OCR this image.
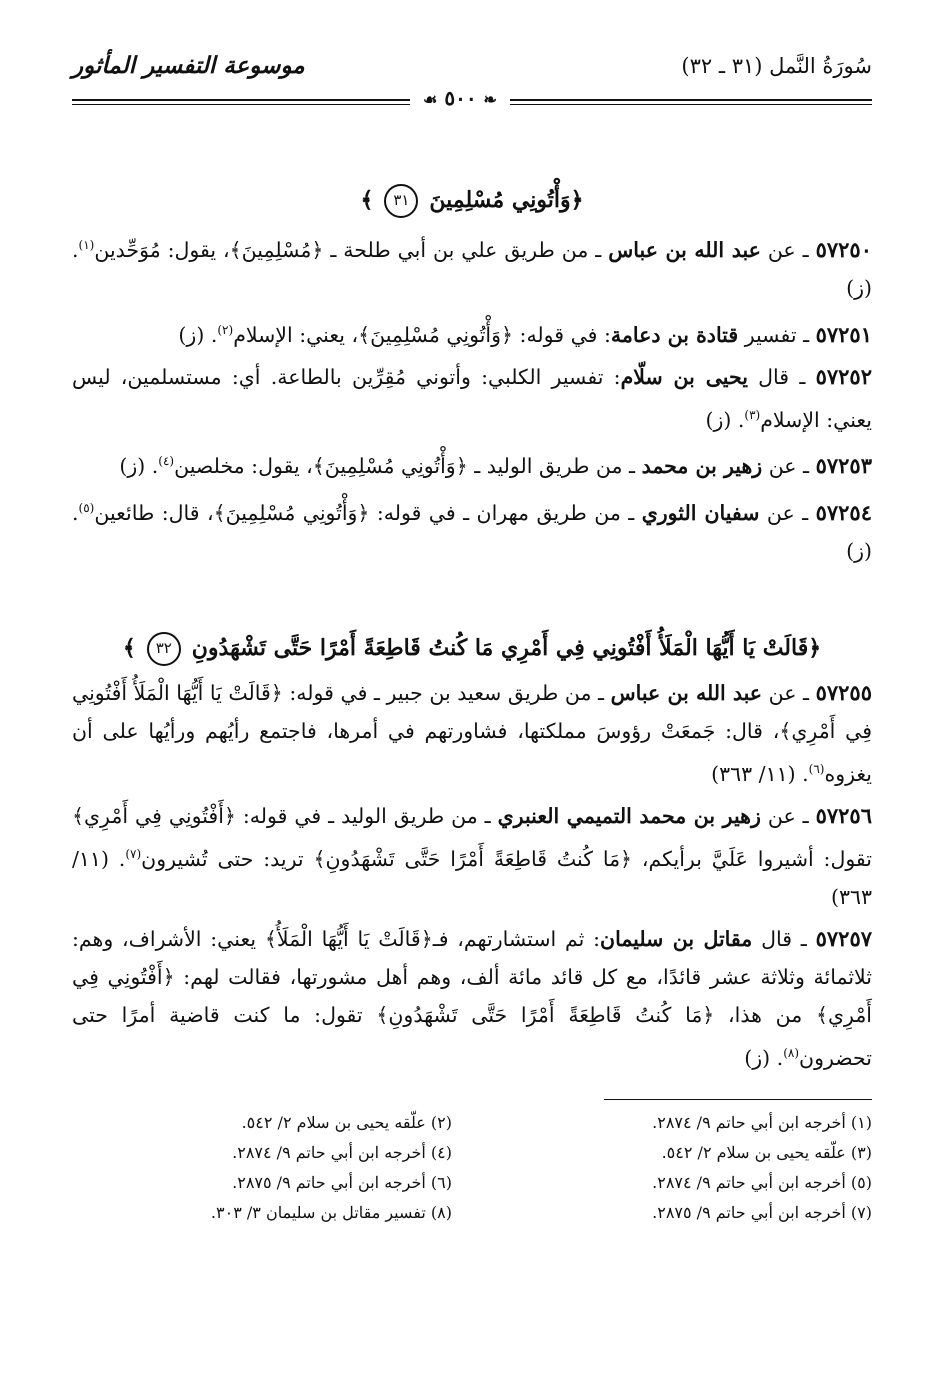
سُورَةُ النَّمل (٣١ ـ ٣٢)
موسوعة التفسير المأثور
❧ ٥٠٠ ☙
﴿وَأْتُونِي مُسْلِمِينَ ٣١ ﴾

٥٧٢٥٠ ـ عن عبد الله بن عباس ـ من طريق علي بن أبي طلحة ـ ﴿مُسْلِمِينَ﴾، يقول: مُوَحِّدين$^{(١)}$. (ز)

٥٧٢٥١ ـ تفسير قتادة بن دعامة: في قوله: ﴿وَأْتُونِي مُسْلِمِينَ﴾، يعني: الإسلام$^{(٢)}$. (ز)

٥٧٢٥٢ ـ قال يحيى بن سلّام: تفسير الكلبي: وأتوني مُقِرِّين بالطاعة. أي: مستسلمين، ليس يعني: الإسلام$^{(٣)}$. (ز)

٥٧٢٥٣ ـ عن زهير بن محمد ـ من طريق الوليد ـ ﴿وَأْتُونِي مُسْلِمِينَ﴾، يقول: مخلصين$^{(٤)}$. (ز)

٥٧٢٥٤ ـ عن سفيان الثوري ـ من طريق مهران ـ في قوله: ﴿وَأْتُونِي مُسْلِمِينَ﴾، قال: طائعين$^{(٥)}$. (ز)

﴿قَالَتْ يَا أَيُّهَا الْمَلَأُ أَفْتُونِي فِي أَمْرِي مَا كُنتُ قَاطِعَةً أَمْرًا حَتَّى تَشْهَدُونِ ٣٢ ﴾

٥٧٢٥٥ ـ عن عبد الله بن عباس ـ من طريق سعيد بن جبير ـ في قوله: ﴿قَالَتْ يَا أَيُّهَا الْمَلَأُ أَفْتُونِي فِي أَمْرِي﴾، قال: جَمعَتْ رؤوسَ مملكتها، فشاورتهم في أمرها، فاجتمع رأيُهم ورأيُها على أن يغزوه$^{(٦)}$. (١١/ ٣٦٣)

٥٧٢٥٦ ـ عن زهير بن محمد التميمي العنبري ـ من طريق الوليد ـ في قوله: ﴿أَفْتُونِي فِي أَمْرِي﴾ تقول: أشيروا عَلَيَّ برأيكم، ﴿مَا كُنتُ قَاطِعَةً أَمْرًا حَتَّى تَشْهَدُونِ﴾ تريد: حتى تُشيرون$^{(٧)}$. (١١/ ٣٦٣)

٥٧٢٥٧ ـ قال مقاتل بن سليمان: ثم استشارتهم، فـ﴿قَالَتْ يَا أَيُّهَا الْمَلَأُ﴾ يعني: الأشراف، وهم: ثلاثمائة وثلاثة عشر قائدًا، مع كل قائد مائة ألف، وهم أهل مشورتها، فقالت لهم: ﴿أَفْتُونِي فِي أَمْرِي﴾ من هذا، ﴿مَا كُنتُ قَاطِعَةً أَمْرًا حَتَّى تَشْهَدُونِ﴾ تقول: ما كنت قاضية أمرًا حتى تحضرون$^{(٨)}$. (ز)

(١) أخرجه ابن أبي حاتم ٩/ ٢٨٧٤.
(٢) علّقه يحيى بن سلام ٢/ ٥٤٢.
(٣) علّقه يحيى بن سلام ٢/ ٥٤٢.
(٤) أخرجه ابن أبي حاتم ٩/ ٢٨٧٤.
(٥) أخرجه ابن أبي حاتم ٩/ ٢٨٧٤.
(٦) أخرجه ابن أبي حاتم ٩/ ٢٨٧٥.
(٧) أخرجه ابن أبي حاتم ٩/ ٢٨٧٥.
(٨) تفسير مقاتل بن سليمان ٣/ ٣٠٣.
